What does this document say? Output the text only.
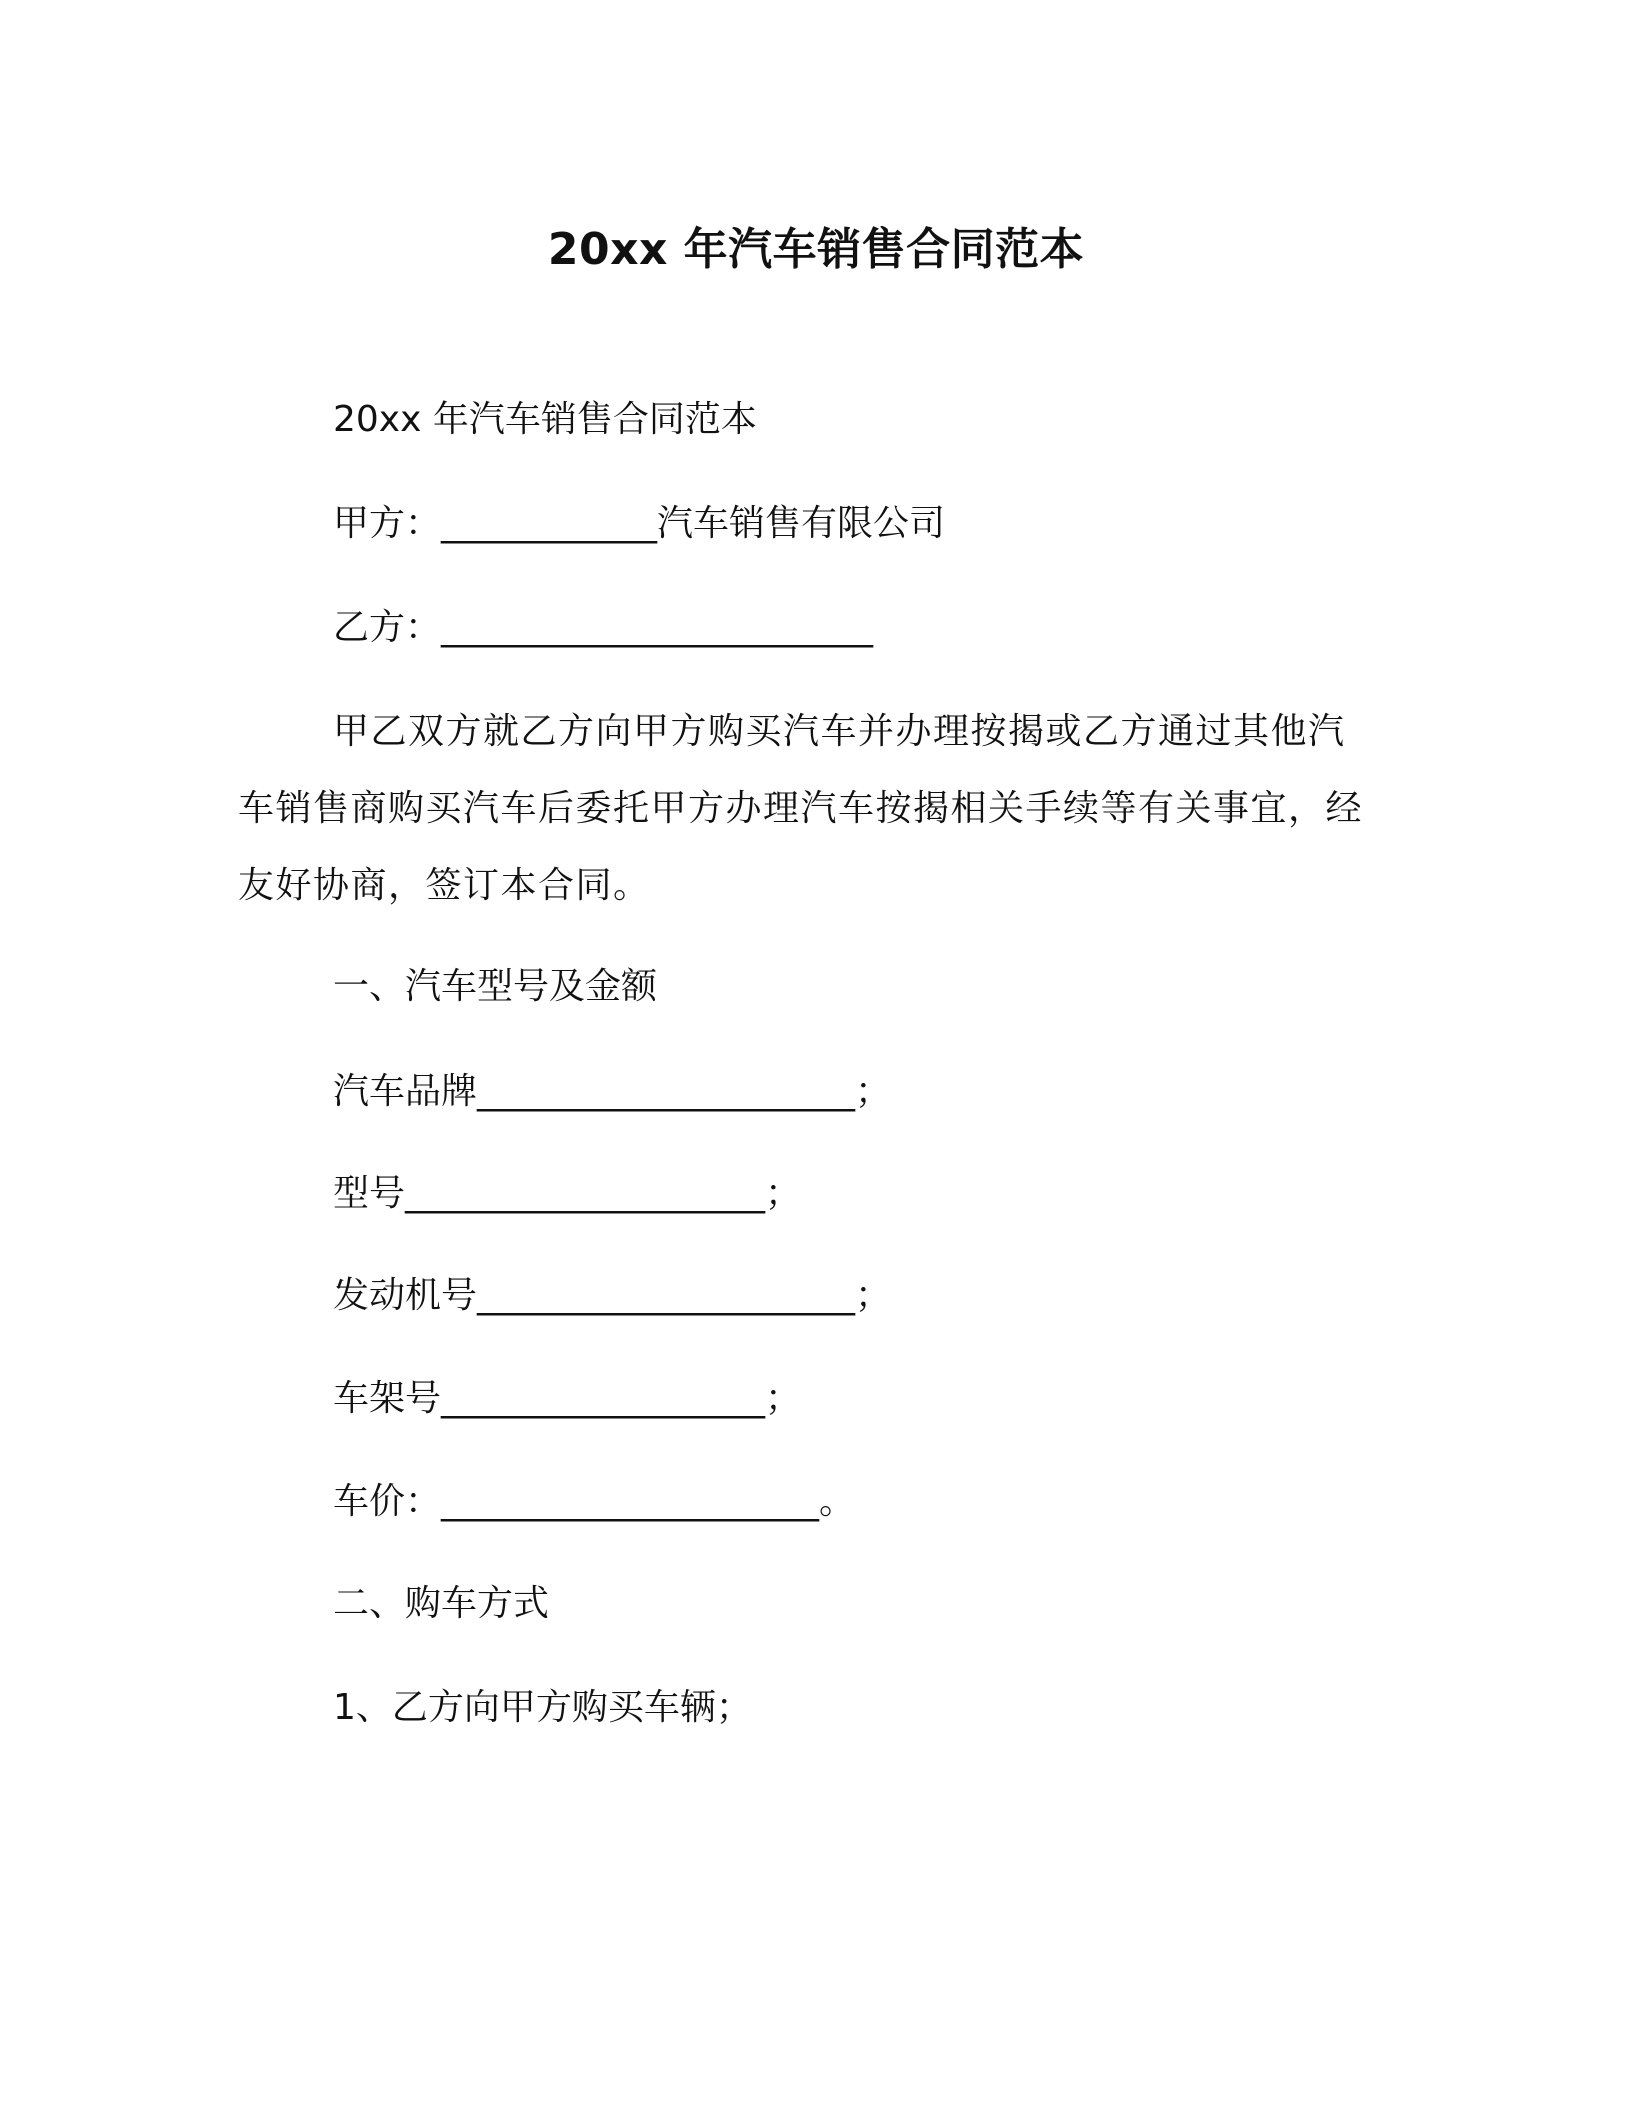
20xx 年汽车销售合同范本
20xx 年汽车销售合同范本
甲方：____________汽车销售有限公司
乙方：________________________

甲乙双方就乙方向甲方购买汽车并办理按揭或乙方通过其他汽车销售商购买汽车后委托甲方办理汽车按揭相关手续等有关事宜，经友好协商，签订本合同。

一、汽车型号及金额
汽车品牌_____________________；
型号____________________；
发动机号_____________________；
车架号__________________；
车价：_____________________。
二、购车方式
1、乙方向甲方购买车辆；
